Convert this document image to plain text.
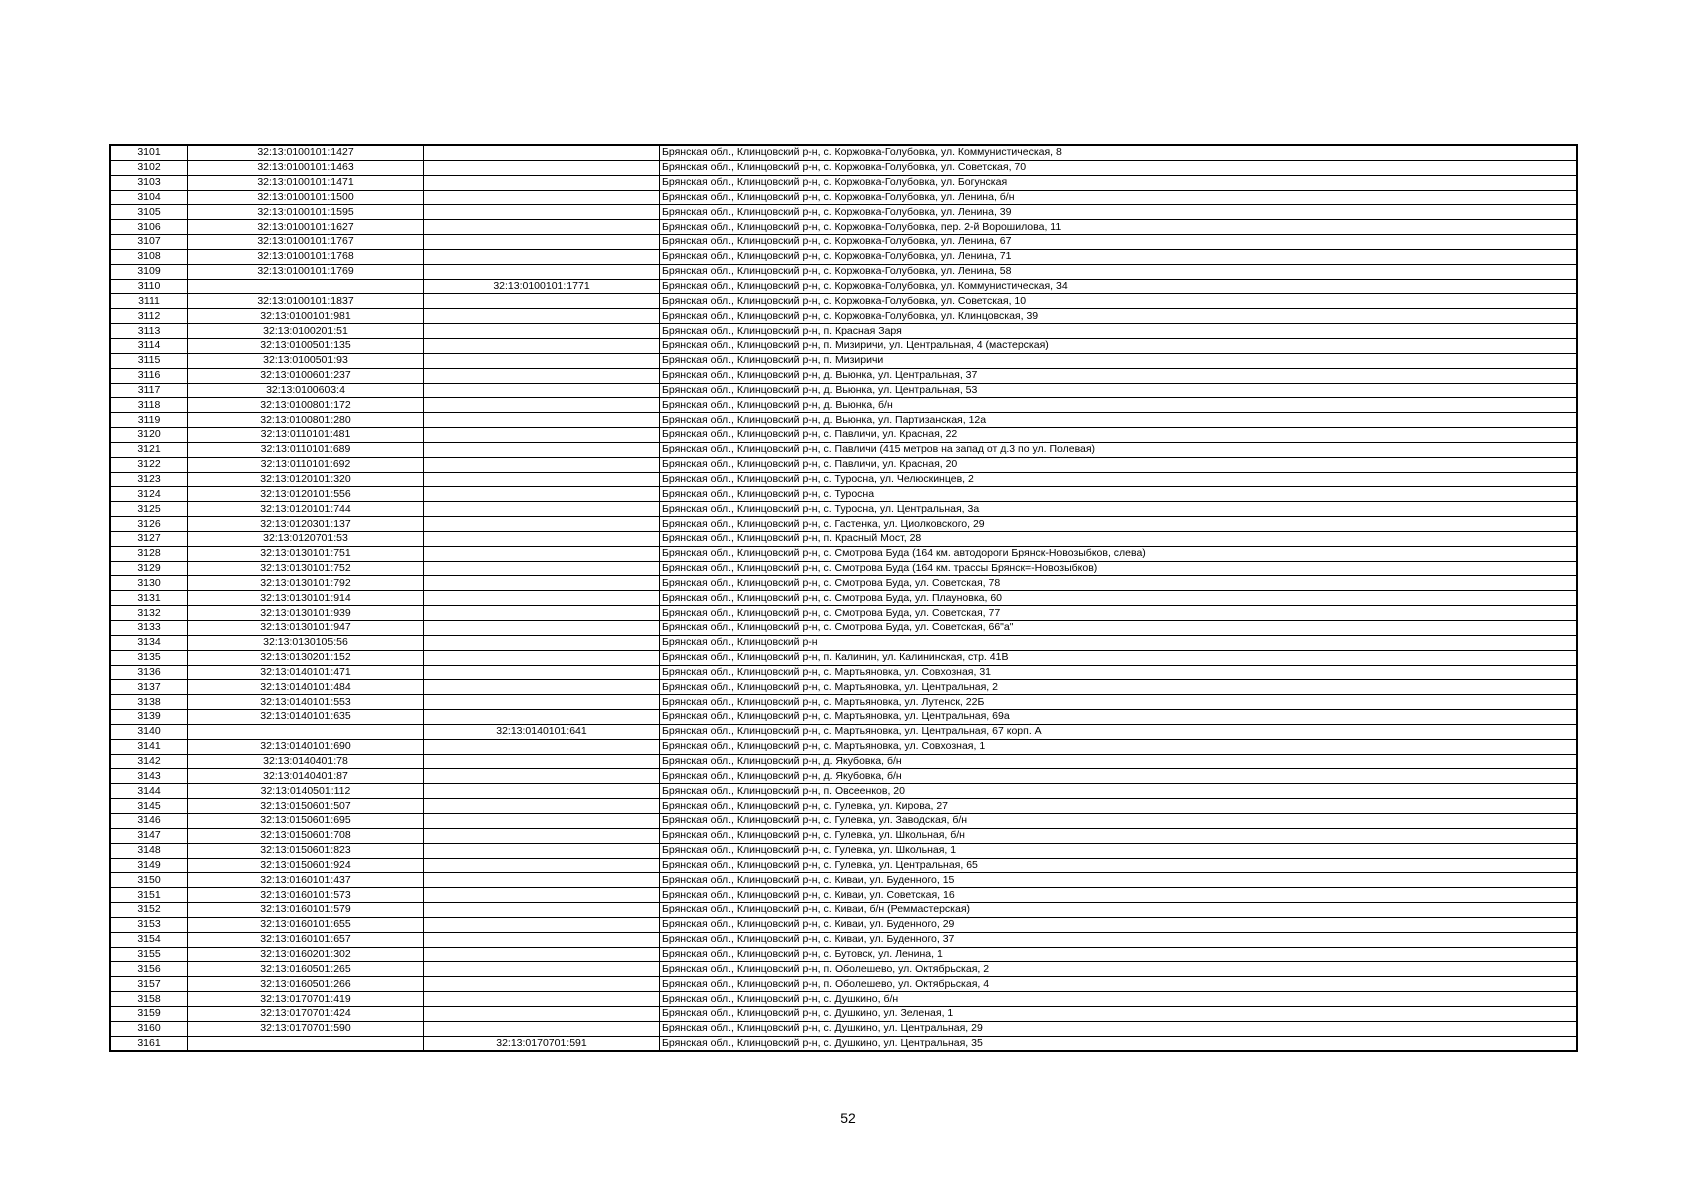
3101	32:13:0100101:1427		Брянская обл., Клинцовский р-н, с. Коржовка-Голубовка, ул. Коммунистическая, 8
3102	32:13:0100101:1463		Брянская обл., Клинцовский р-н, с. Коржовка-Голубовка, ул. Советская, 70
3103	32:13:0100101:1471		Брянская обл., Клинцовский р-н, с. Коржовка-Голубовка, ул. Богунская
3104	32:13:0100101:1500		Брянская обл., Клинцовский р-н, с. Коржовка-Голубовка, ул. Ленина, б/н
3105	32:13:0100101:1595		Брянская обл., Клинцовский р-н, с. Коржовка-Голубовка, ул. Ленина, 39
3106	32:13:0100101:1627		Брянская обл., Клинцовский р-н, с. Коржовка-Голубовка, пер. 2-й Ворошилова, 11
3107	32:13:0100101:1767		Брянская обл., Клинцовский р-н, с. Коржовка-Голубовка, ул. Ленина, 67
3108	32:13:0100101:1768		Брянская обл., Клинцовский р-н, с. Коржовка-Голубовка, ул. Ленина, 71
3109	32:13:0100101:1769		Брянская обл., Клинцовский р-н, с. Коржовка-Голубовка, ул. Ленина, 58
3110		32:13:0100101:1771	Брянская обл., Клинцовский р-н, с. Коржовка-Голубовка, ул. Коммунистическая, 34
3111	32:13:0100101:1837		Брянская обл., Клинцовский р-н, с. Коржовка-Голубовка, ул. Советская, 10
3112	32:13:0100101:981		Брянская обл., Клинцовский р-н, с. Коржовка-Голубовка, ул. Клинцовская, 39
3113	32:13:0100201:51		Брянская обл., Клинцовский р-н, п. Красная Заря
3114	32:13:0100501:135		Брянская обл., Клинцовский р-н, п. Мизиричи, ул. Центральная, 4 (мастерская)
3115	32:13:0100501:93		Брянская обл., Клинцовский р-н, п. Мизиричи
3116	32:13:0100601:237		Брянская обл., Клинцовский р-н, д. Вьюнка, ул. Центральная, 37
3117	32:13:0100603:4		Брянская обл., Клинцовский р-н, д. Вьюнка, ул. Центральная, 53
3118	32:13:0100801:172		Брянская обл., Клинцовский р-н, д. Вьюнка, б/н
3119	32:13:0100801:280		Брянская обл., Клинцовский р-н, д. Вьюнка, ул. Партизанская, 12а
3120	32:13:0110101:481		Брянская обл., Клинцовский р-н, с. Павличи, ул. Красная, 22
3121	32:13:0110101:689		Брянская обл., Клинцовский р-н, с. Павличи (415 метров на запад от д.3 по ул. Полевая)
3122	32:13:0110101:692		Брянская обл., Клинцовский р-н, с. Павличи, ул. Красная, 20
3123	32:13:0120101:320		Брянская обл., Клинцовский р-н, с. Туросна, ул. Челюскинцев, 2
3124	32:13:0120101:556		Брянская обл., Клинцовский р-н, с. Туросна
3125	32:13:0120101:744		Брянская обл., Клинцовский р-н, с. Туросна, ул. Центральная, 3а
3126	32:13:0120301:137		Брянская обл., Клинцовский р-н, с. Гастенка, ул. Циолковского, 29
3127	32:13:0120701:53		Брянская обл., Клинцовский р-н, п. Красный Мост, 28
3128	32:13:0130101:751		Брянская обл., Клинцовский р-н, с. Смотрова Буда (164 км. автодороги Брянск-Новозыбков, слева)
3129	32:13:0130101:752		Брянская обл., Клинцовский р-н, с. Смотрова Буда (164 км. трассы Брянск=-Новозыбков)
3130	32:13:0130101:792		Брянская обл., Клинцовский р-н, с. Смотрова Буда, ул. Советская, 78
3131	32:13:0130101:914		Брянская обл., Клинцовский р-н, с. Смотрова Буда, ул. Плауновка, 60
3132	32:13:0130101:939		Брянская обл., Клинцовский р-н, с. Смотрова Буда, ул. Советская, 77
3133	32:13:0130101:947		Брянская обл., Клинцовский р-н, с. Смотрова Буда, ул. Советская, 66"а"
3134	32:13:0130105:56		Брянская обл., Клинцовский р-н
3135	32:13:0130201:152		Брянская обл., Клинцовский р-н, п. Калинин, ул. Калининская, стр. 41В
3136	32:13:0140101:471		Брянская обл., Клинцовский р-н, с. Мартьяновка, ул. Совхозная, 31
3137	32:13:0140101:484		Брянская обл., Клинцовский р-н, с. Мартьяновка, ул. Центральная, 2
3138	32:13:0140101:553		Брянская обл., Клинцовский р-н, с. Мартьяновка, ул. Лутенск, 22Б
3139	32:13:0140101:635		Брянская обл., Клинцовский р-н, с. Мартьяновка, ул. Центральная, 69а
3140		32:13:0140101:641	Брянская обл., Клинцовский р-н, с. Мартьяновка, ул. Центральная, 67 корп. А
3141	32:13:0140101:690		Брянская обл., Клинцовский р-н, с. Мартьяновка, ул. Совхозная, 1
3142	32:13:0140401:78		Брянская обл., Клинцовский р-н, д. Якубовка, б/н
3143	32:13:0140401:87		Брянская обл., Клинцовский р-н, д. Якубовка, б/н
3144	32:13:0140501:112		Брянская обл., Клинцовский р-н, п. Овсеенков, 20
3145	32:13:0150601:507		Брянская обл., Клинцовский р-н, с. Гулевка, ул. Кирова, 27
3146	32:13:0150601:695		Брянская обл., Клинцовский р-н, с. Гулевка, ул. Заводская, б/н
3147	32:13:0150601:708		Брянская обл., Клинцовский р-н, с. Гулевка, ул. Школьная, б/н
3148	32:13:0150601:823		Брянская обл., Клинцовский р-н, с. Гулевка, ул. Школьная, 1
3149	32:13:0150601:924		Брянская обл., Клинцовский р-н, с. Гулевка, ул. Центральная, 65
3150	32:13:0160101:437		Брянская обл., Клинцовский р-н, с. Киваи, ул. Буденного, 15
3151	32:13:0160101:573		Брянская обл., Клинцовский р-н, с. Киваи, ул. Советская, 16
3152	32:13:0160101:579		Брянская обл., Клинцовский р-н, с. Киваи, б/н (Реммастерская)
3153	32:13:0160101:655		Брянская обл., Клинцовский р-н, с. Киваи, ул. Буденного, 29
3154	32:13:0160101:657		Брянская обл., Клинцовский р-н, с. Киваи, ул. Буденного, 37
3155	32:13:0160201:302		Брянская обл., Клинцовский р-н, с. Бутовск, ул. Ленина, 1
3156	32:13:0160501:265		Брянская обл., Клинцовский р-н, п. Оболешево, ул. Октябрьская, 2
3157	32:13:0160501:266		Брянская обл., Клинцовский р-н, п. Оболешево, ул. Октябрьская, 4
3158	32:13:0170701:419		Брянская обл., Клинцовский р-н, с. Душкино, б/н
3159	32:13:0170701:424		Брянская обл., Клинцовский р-н, с. Душкино, ул. Зеленая, 1
3160	32:13:0170701:590		Брянская обл., Клинцовский р-н, с. Душкино, ул. Центральная, 29
3161		32:13:0170701:591	Брянская обл., Клинцовский р-н, с. Душкино, ул. Центральная, 35
52
